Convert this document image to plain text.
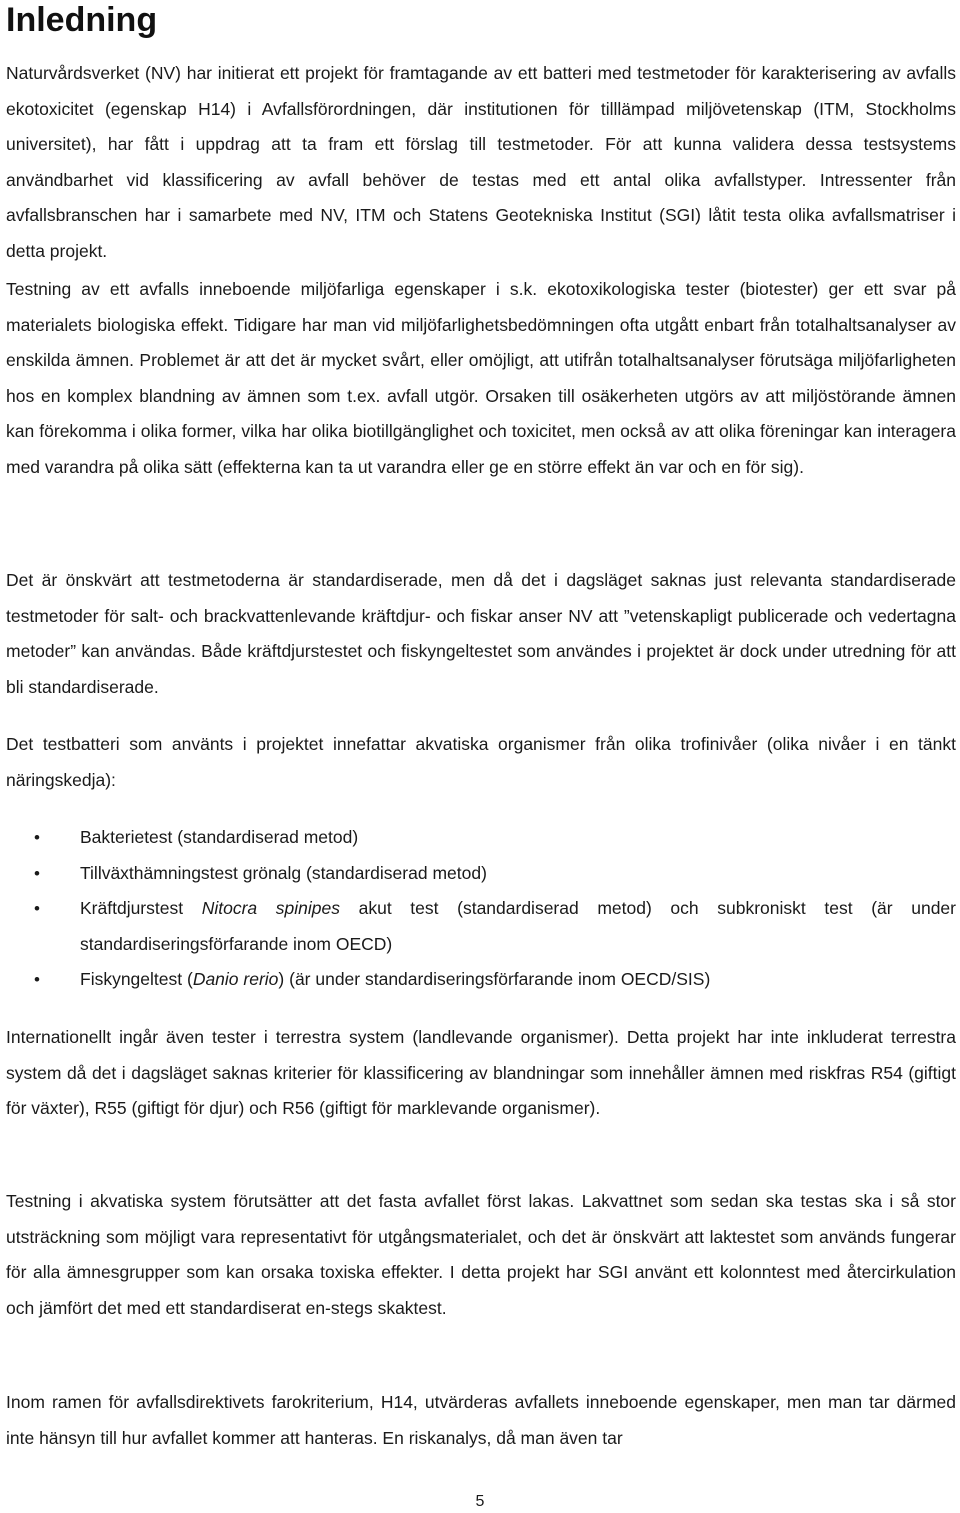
Inledning

Naturvårdsverket (NV) har initierat ett projekt för framtagande av ett batteri med testmetoder för karakterisering av avfalls ekotoxicitet (egenskap H14) i Avfallsförordningen, där institutionen för tilllämpad miljövetenskap (ITM, Stockholms universitet), har fått i uppdrag att ta fram ett förslag till testmetoder. För att kunna validera dessa testsystems användbarhet vid klassificering av avfall behöver de testas med ett antal olika avfallstyper. Intressenter från avfallsbranschen har i samarbete med NV, ITM och Statens Geotekniska Institut (SGI) låtit testa olika avfallsmatriser i detta projekt.

Testning av ett avfalls inneboende miljöfarliga egenskaper i s.k. ekotoxikologiska tester (biotester) ger ett svar på materialets biologiska effekt. Tidigare har man vid miljöfarlighetsbedömningen ofta utgått enbart från totalhaltsanalyser av enskilda ämnen. Problemet är att det är mycket svårt, eller omöjligt, att utifrån totalhaltsanalyser förutsäga miljöfarligheten hos en komplex blandning av ämnen som t.ex. avfall utgör. Orsaken till osäkerheten utgörs av att miljöstörande ämnen kan förekomma i olika former, vilka har olika biotillgänglighet och toxicitet, men också av att olika föreningar kan interagera med varandra på olika sätt (effekterna kan ta ut varandra eller ge en större effekt än var och en för sig).

Det är önskvärt att testmetoderna är standardiserade, men då det i dagsläget saknas just relevanta standardiserade testmetoder för salt- och brackvattenlevande kräftdjur- och fiskar anser NV att ”vetenskapligt publicerade och vedertagna metoder” kan användas. Både kräftdjurstestet och fiskyngeltestet som användes i projektet är dock under utredning för att bli standardiserade.

Det testbatteri som använts i projektet innefattar akvatiska organismer från olika trofinivåer (olika nivåer i en tänkt näringskedja):

• Bakterietest (standardiserad metod)
• Tillväxthämningstest grönalg (standardiserad metod)
• Kräftdjurstest Nitocra spinipes akut test (standardiserad metod) och subkroniskt test (är under standardiseringsförfarande inom OECD)
• Fiskyngeltest (Danio rerio) (är under standardiseringsförfarande inom OECD/SIS)

Internationellt ingår även tester i terrestra system (landlevande organismer). Detta projekt har inte inkluderat terrestra system då det i dagsläget saknas kriterier för klassificering av blandningar som innehåller ämnen med riskfras R54 (giftigt för växter), R55 (giftigt för djur) och R56 (giftigt för marklevande organismer).

Testning i akvatiska system förutsätter att det fasta avfallet först lakas. Lakvattnet som sedan ska testas ska i så stor utsträckning som möjligt vara representativt för utgångsmaterialet, och det är önskvärt att laktestet som används fungerar för alla ämnesgrupper som kan orsaka toxiska effekter. I detta projekt har SGI använt ett kolonntest med återcirkulation och jämfört det med ett standardiserat en-stegs skaktest.

Inom ramen för avfallsdirektivets farokriterium, H14, utvärderas avfallets inneboende egenskaper, men man tar därmed inte hänsyn till hur avfallet kommer att hanteras. En riskanalys, då man även tar

5
